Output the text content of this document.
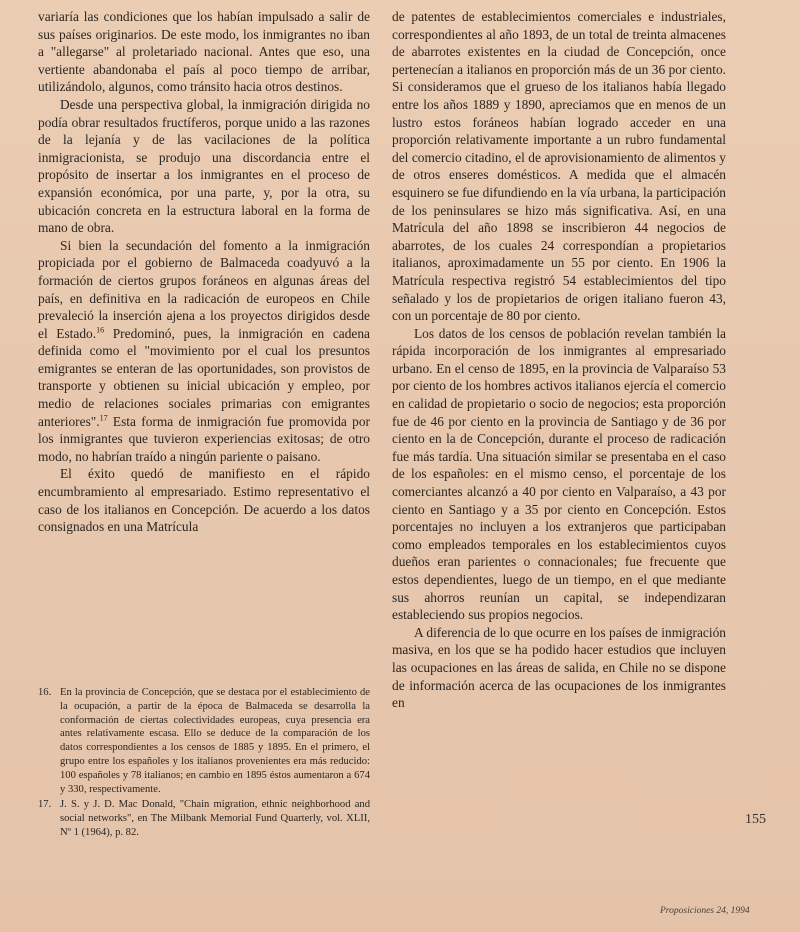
variaría las condiciones que los habían impulsado a salir de sus países originarios. De este modo, los inmigrantes no iban a "allegarse" al proletariado nacional. Antes que eso, una vertiente abandonaba el país al poco tiempo de arribar, utilizándolo, algunos, como tránsito hacia otros destinos.

Desde una perspectiva global, la inmigración dirigida no podía obrar resultados fructíferos, porque unido a las razones de la lejanía y de las vacilaciones de la política inmigracionista, se produjo una discordancia entre el propósito de insertar a los inmigrantes en el proceso de expansión económica, por una parte, y, por la otra, su ubicación concreta en la estructura laboral en la forma de mano de obra.

Si bien la secundación del fomento a la inmigración propiciada por el gobierno de Balmaceda coadyuvó a la formación de ciertos grupos foráneos en algunas áreas del país, en definitiva en la radicación de europeos en Chile prevaleció la inserción ajena a los proyectos dirigidos desde el Estado.$^{16}$ Predominó, pues, la inmigración en cadena definida como el "movimiento por el cual los presuntos emigrantes se enteran de las oportunidades, son provistos de transporte y obtienen su inicial ubicación y empleo, por medio de relaciones sociales primarias con emigrantes anteriores".$^{17}$ Esta forma de inmigración fue promovida por los inmigrantes que tuvieron experiencias exitosas; de otro modo, no habrían traído a ningún pariente o paisano.

El éxito quedó de manifiesto en el rápido encumbramiento al empresariado. Estimo representativo el caso de los italianos en Concepción. De acuerdo a los datos consignados en una Matrícula

de patentes de establecimientos comerciales e industriales, correspondientes al año 1893, de un total de treinta almacenes de abarrotes existentes en la ciudad de Concepción, once pertenecían a italianos en proporción más de un 36 por ciento. Si consideramos que el grueso de los italianos había llegado entre los años 1889 y 1890, apreciamos que en menos de un lustro estos foráneos habían logrado acceder en una proporción relativamente importante a un rubro fundamental del comercio citadino, el de aprovisionamiento de alimentos y de otros enseres domésticos. A medida que el almacén esquinero se fue difundiendo en la vía urbana, la participación de los peninsulares se hizo más significativa. Así, en una Matrícula del año 1898 se inscribieron 44 negocios de abarrotes, de los cuales 24 correspondían a propietarios italianos, aproximadamente un 55 por ciento. En 1906 la Matrícula respectiva registró 54 establecimientos del tipo señalado y los de propietarios de origen italiano fueron 43, con un porcentaje de 80 por ciento.

Los datos de los censos de población revelan también la rápida incorporación de los inmigrantes al empresariado urbano. En el censo de 1895, en la provincia de Valparaíso 53 por ciento de los hombres activos italianos ejercía el comercio en calidad de propietario o socio de negocios; esta proporción fue de 46 por ciento en la provincia de Santiago y de 36 por ciento en la de Concepción, durante el proceso de radicación fue más tardía. Una situación similar se presentaba en el caso de los españoles: en el mismo censo, el porcentaje de los comerciantes alcanzó a 40 por ciento en Valparaíso, a 43 por ciento en Santiago y a 35 por ciento en Concepción. Estos porcentajes no incluyen a los extranjeros que participaban como empleados temporales en los establecimientos cuyos dueños eran parientes o connacionales; fue frecuente que estos dependientes, luego de un tiempo, en el que mediante sus ahorros reunían un capital, se independizaran estableciendo sus propios negocios.

A diferencia de lo que ocurre en los países de inmigración masiva, en los que se ha podido hacer estudios que incluyen las ocupaciones en las áreas de salida, en Chile no se dispone de información acerca de las ocupaciones de los inmigrantes en

16. En la provincia de Concepción, que se destaca por el establecimiento de la ocupación, a partir de la época de Balmaceda se desarrolla la conformación de ciertas colectividades europeas, cuya presencia era antes relativamente escasa. Ello se deduce de la comparación de los datos correspondientes a los censos de 1885 y 1895. En el primero, el grupo entre los españoles y los italianos provenientes era más reducido: 100 españoles y 78 italianos; en cambio en 1895 éstos aumentaron a 674 y 330, respectivamente.
17. J. S. y J. D. Mac Donald, "Chain migration, ethnic neighborhood and social networks", en The Milbank Memorial Fund Quarterly, vol. XLII, Nº 1 (1964), p. 82.
155
Proposiciones 24, 1994
